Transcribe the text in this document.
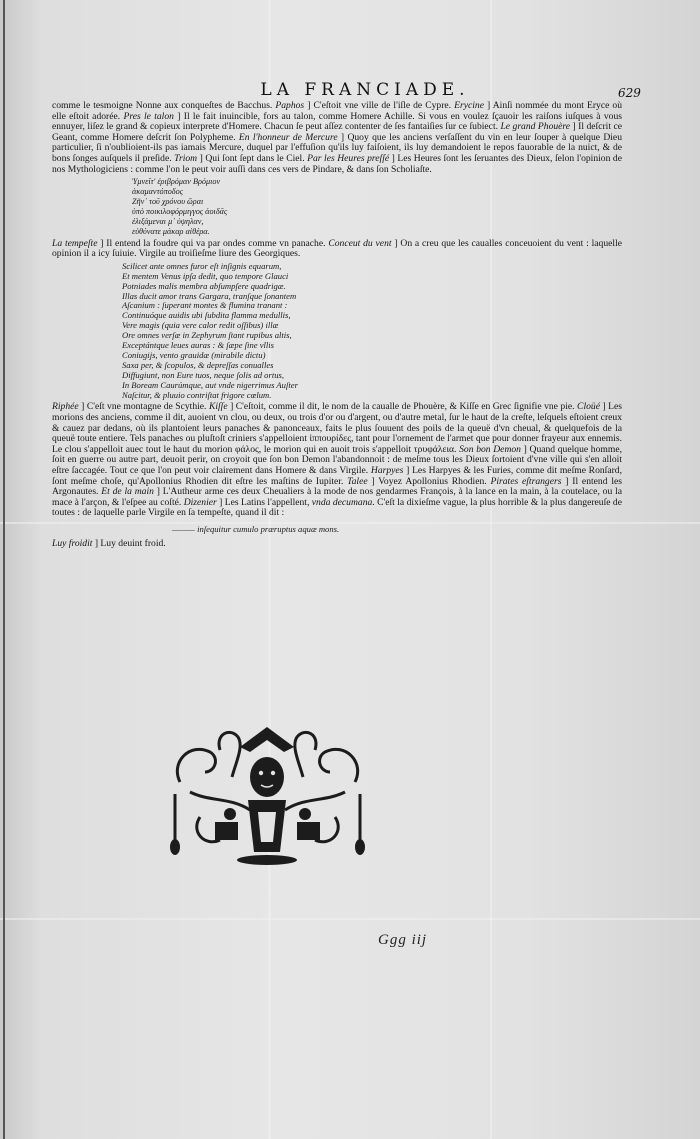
LA FRANCIADE.	629

comme le tesmoigne Nonne aux conqueſtes de Bacchus. Paphos ] C'eſtoit vne ville de l'iſle de Cypre. Erycine ] Ainſi nommée du mont Eryce où elle eſtoit adorée. Pres le talon ] Il le fait inuincible, fors au talon, comme Homere Achille. Si vous en voulez ſçauoir les raiſons iuſques à vous ennuyer, liſez le grand & copieux interprete d'Homere. Chacun ſe peut aſſez contenter de ſes fantaiſies ſur ce ſubiect. Le grand Phouère ] Il deſcrit ce Geant, comme Homere deſcrit ſon Polypheme. En l'honneur de Mercure ] Quoy que les anciens verſaſſent du vin en leur ſouper à quelque Dieu particulier, ſi n'oublioient-ils pas iamais Mercure, duquel par l'effuſion qu'ils luy faiſoient, ils luy demandoient le repos fauorable de la nuict, & de bons ſonges auſquels il preſide. Triom ] Qui ſont ſept dans le Ciel. Par les Heures preſſé ] Les Heures ſont les ſeruantes des Dieux, ſelon l'opinion de nos Mythologiciens : comme l'on le peut voir auſſi dans ces vers de Pindare, & dans ſon Scholiaſte.

Ὑμνεῖτ' ἐριβρόμαν Βρόμιον
ἀκαμαντόποδος
Ζῆν᾽ τοῦ χρόνου ὥραι
ὑπὸ ποικιλοφόρμιγγος ἀοιδᾶς
ἐλιξάμεναι μ᾽ ὑψηλαν,
εὐθύνατε μάκαρ αἰθέρα.

La tempeſte ] Il entend la foudre qui va par ondes comme vn panache. Conceut du vent ] On a creu que les caualles conceuoient du vent : laquelle opinion il a icy ſuiuie. Virgile au troiſieſme liure des Georgiques.

Scilicet ante omnes furor eſt inſignis equarum,
Et mentem Venus ipſa dedit, quo tempore Glauci
Potniades malis membra abſumpſere quadrigæ.
Illas ducit amor trans Gargara, tranſque ſonantem
Aſcanium : ſuperant montes & flumina tranant :
Continuóque auidis ubi ſubdita flamma medullis,
Vere magis (quia vere calor redit oſſibus) illæ
Ore omnes verſæ in Zephyrum ſtant rupibus altis,
Exceptántque leues auras : & ſæpe ſine vllis
Coniugijs, vento grauidæ (mirabile dictu)
Saxa per, & ſcopulos, & depreſſas conualles
Diffugiunt, non Eure tuos, neque ſolis ad ortus,
In Boream Caurúmque, aut vnde nigerrimus Auſter
Naſcitur, & pluuio contriſtat frigore cœlum.

Riphée ] C'eſt vne montagne de Scythie. Kiſſe ] C'eſtoit, comme il dit, le nom de la caualle de Phouère, & Kiſſe en Grec ſignifie vne pie. Cloüé ] Les morions des anciens, comme il dit, auoient vn clou, ou deux, ou trois d'or ou d'argent, ou d'autre metal, ſur le haut de la creſte, leſquels eſtoient creux & cauez par dedans, où ils plantoient leurs panaches & panonceaux, faits le plus ſouuent des poils de la queuë d'vn cheual, & quelquefois de la queuë toute entiere. Tels panaches ou pluſtoſt criniers s'appelloient ἱππουρίδες, tant pour l'ornement de l'armet que pour donner frayeur aux ennemis. Le clou s'appelloit auec tout le haut du morion φάλος, le morion qui en auoit trois s'appelloit τρυφάλεια. Son bon Demon ] Quand quelque homme, ſoit en guerre ou autre part, deuoit perir, on croyoit que ſon bon Demon l'abandonnoit : de meſme tous les Dieux ſortoient d'vne ville qui s'en alloit eſtre ſaccagée. Tout ce que l'on peut voir clairement dans Homere & dans Virgile. Harpyes ] Les Harpyes & les Furies, comme dit meſme Ronſard, ſont meſme choſe, qu'Apollonius Rhodien dit eſtre les maſtins de Iupiter. Talee ] Voyez Apollonius Rhodien. Pirates eſtrangers ] Il entend les Argonautes. Et de la main ] L'Autheur arme ces deux Cheualiers à la mode de nos gendarmes François, à la lance en la main, à la coutelace, ou la mace à l'arçon, & l'eſpee au coſté. Dizenier ] Les Latins l'appellent, vnda decumana. C'eſt la dixieſme vague, la plus horrible & la plus dangereuſe de toutes : de laquelle parle Virgile en ſa tempeſte, quand il dit :

——— inſequitur cumulo præruptus aquæ mons.

Luy froidit ] Luy deuint froid.

Ggg iij
